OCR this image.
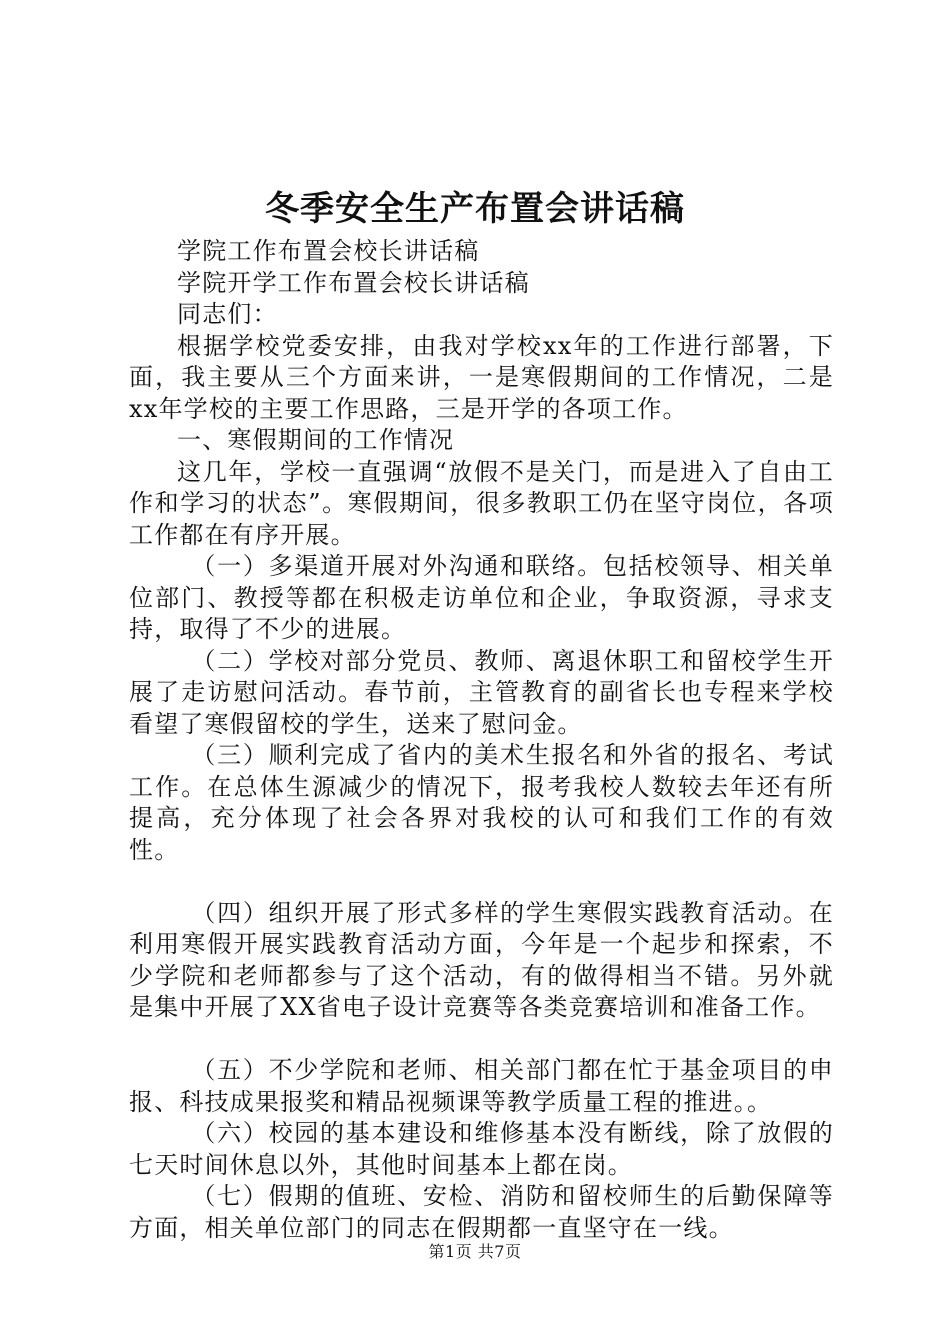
冬季安全生产布置会讲话稿

学院工作布置会校长讲话稿

学院开学工作布置会校长讲话稿

同志们：

根据学校党委安排，由我对学校xx年的工作进行部署，下面，我主要从三个方面来讲，一是寒假期间的工作情况，二是xx年学校的主要工作思路，三是开学的各项工作。

一、寒假期间的工作情况

这几年，学校一直强调“放假不是关门，而是进入了自由工作和学习的状态”。寒假期间，很多教职工仍在坚守岗位，各项工作都在有序开展。

（一）多渠道开展对外沟通和联络。包括校领导、相关单位部门、教授等都在积极走访单位和企业，争取资源，寻求支持，取得了不少的进展。

（二）学校对部分党员、教师、离退休职工和留校学生开展了走访慰问活动。春节前，主管教育的副省长也专程来学校看望了寒假留校的学生，送来了慰问金。

（三）顺利完成了省内的美术生报名和外省的报名、考试工作。在总体生源减少的情况下，报考我校人数较去年还有所提高，充分体现了社会各界对我校的认可和我们工作的有效性。

（四）组织开展了形式多样的学生寒假实践教育活动。在利用寒假开展实践教育活动方面，今年是一个起步和探索，不少学院和老师都参与了这个活动，有的做得相当不错。另外就是集中开展了XX省电子设计竞赛等各类竞赛培训和准备工作。

（五）不少学院和老师、相关部门都在忙于基金项目的申报、科技成果报奖和精品视频课等教学质量工程的推进。。

（六）校园的基本建设和维修基本没有断线，除了放假的七天时间休息以外，其他时间基本上都在岗。

（七）假期的值班、安检、消防和留校师生的后勤保障等方面，相关单位部门的同志在假期都一直坚守在一线。

第1页 共7页
